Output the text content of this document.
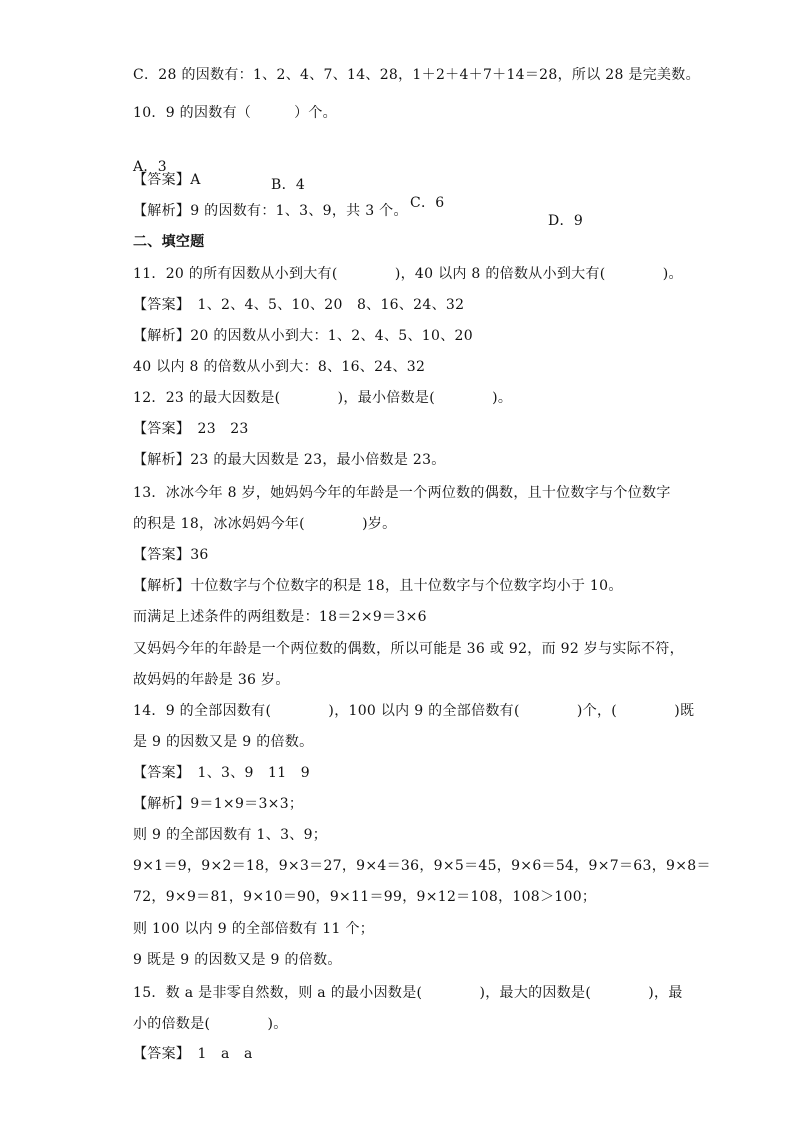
C．28 的因数有：1、2、4、7、14、28，1＋2＋4＋7＋14＝28，所以 28 是完美数。
10．9 的因数有（　　　）个。

A．3

B．4

C．6

D．9

【答案】A
【解析】9 的因数有：1、3、9，共 3 个。
二、填空题
11．20 的所有因数从小到大有(　　　　)，40 以内 8 的倍数从小到大有(　　　　)。
【答案】　1、2、4、5、10、20　8、16、24、32
【解析】20 的因数从小到大：1、2、4、5、10、20
40 以内 8 的倍数从小到大：8、16、24、32
12．23 的最大因数是(　　　　)，最小倍数是(　　　　)。
【答案】　23　23
【解析】23 的最大因数是 23，最小倍数是 23。
13．冰冰今年 8 岁，她妈妈今年的年龄是一个两位数的偶数，且十位数字与个位数字
的积是 18，冰冰妈妈今年(　　　　)岁。
【答案】36
【解析】十位数字与个位数字的积是 18，且十位数字与个位数字均小于 10。
而满足上述条件的两组数是：18＝2×9＝3×6
又妈妈今年的年龄是一个两位数的偶数，所以可能是 36 或 92，而 92 岁与实际不符，
故妈妈的年龄是 36 岁。
14．9 的全部因数有(　　　　)，100 以内 9 的全部倍数有(　　　　)个，(　　　　)既
是 9 的因数又是 9 的倍数。
【答案】　1、3、9　11　9
【解析】9＝1×9＝3×3；
则 9 的全部因数有 1、3、9；
9×1＝9，9×2＝18，9×3＝27，9×4＝36，9×5＝45，9×6＝54，9×7＝63，9×8＝
72，9×9＝81，9×10＝90，9×11＝99，9×12＝108，108＞100；
则 100 以内 9 的全部倍数有 11 个；
9 既是 9 的因数又是 9 的倍数。
15．数 a 是非零自然数，则 a 的最小因数是(　　　　)，最大的因数是(　　　　)，最
小的倍数是(　　　　)。
【答案】　1　a　a
